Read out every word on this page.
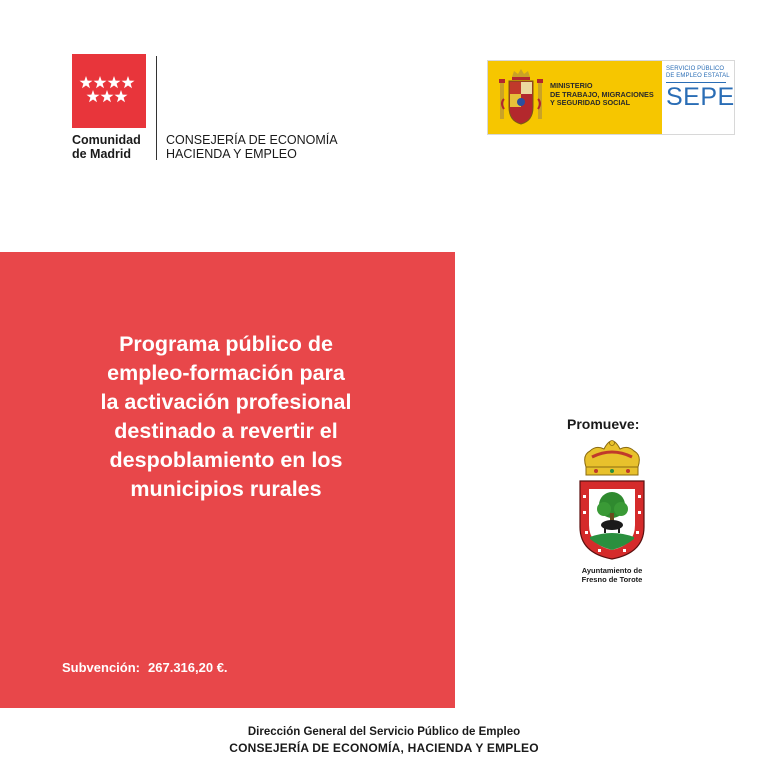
Comunidad
de Madrid
CONSEJERÍA DE ECONOMÍA
HACIENDA Y EMPLEO
MINISTERIO
DE TRABAJO, MIGRACIONES
Y SEGURIDAD SOCIAL
SERVICIO PÚBLICO
DE EMPLEO ESTATAL
SEPE
Programa público de
empleo-formación para
la activación profesional
destinado a revertir el
despoblamiento en los
municipios rurales
Subvención: 267.316,20 €.
Promueve:
Ayuntamiento de
Fresno de Torote
Dirección General del Servicio Público de Empleo
CONSEJERÍA DE ECONOMÍA, HACIENDA Y EMPLEO
